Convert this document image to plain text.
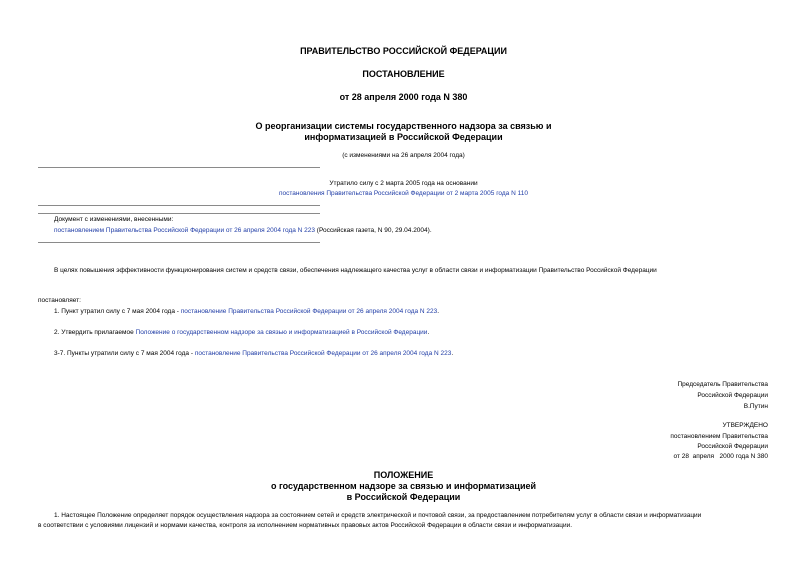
ПРАВИТЕЛЬСТВО РОССИЙСКОЙ ФЕДЕРАЦИИ
ПОСТАНОВЛЕНИЕ
от 28 апреля 2000 года N 380
О реорганизации системы государственного надзора за связью и
информатизацией в Российской Федерации
(с изменениями на 26 апреля 2004 года)
Утратило силу с 2 марта 2005 года на основании
постановления Правительства Российской Федерации от 2 марта 2005 года N 110
Документ с изменениями, внесенными:
постановлением Правительства Российской Федерации от 26 апреля 2004 года N 223 (Российская газета, N 90, 29.04.2004).
В целях повышения эффективности функционирования систем и средств связи, обеспечения надлежащего качества услуг в области связи и информатизации Правительство Российской Федерации
постановляет:
1. Пункт утратил силу с 7 мая 2004 года - постановление Правительства Российской Федерации от 26 апреля 2004 года N 223.
2. Утвердить прилагаемое Положение о государственном надзоре за связью и информатизацией в Российской Федерации.
3-7. Пункты утратили силу с 7 мая 2004 года - постановление Правительства Российской Федерации от 26 апреля 2004 года N 223.
Председатель Правительства
Российской Федерации
В.Путин
УТВЕРЖДЕНО
постановлением Правительства
Российской Федерации
от 28  апреля   2000 года N 380
ПОЛОЖЕНИЕ
о государственном надзоре за связью и информатизацией
в Российской Федерации
1. Настоящее Положение определяет порядок осуществления надзора за состоянием сетей и средств электрической и почтовой связи, за предоставлением потребителям услуг в области связи и информатизации
в соответствии с условиями лицензий и нормами качества, контроля за исполнением нормативных правовых актов Российской Федерации в области связи и информатизации.
